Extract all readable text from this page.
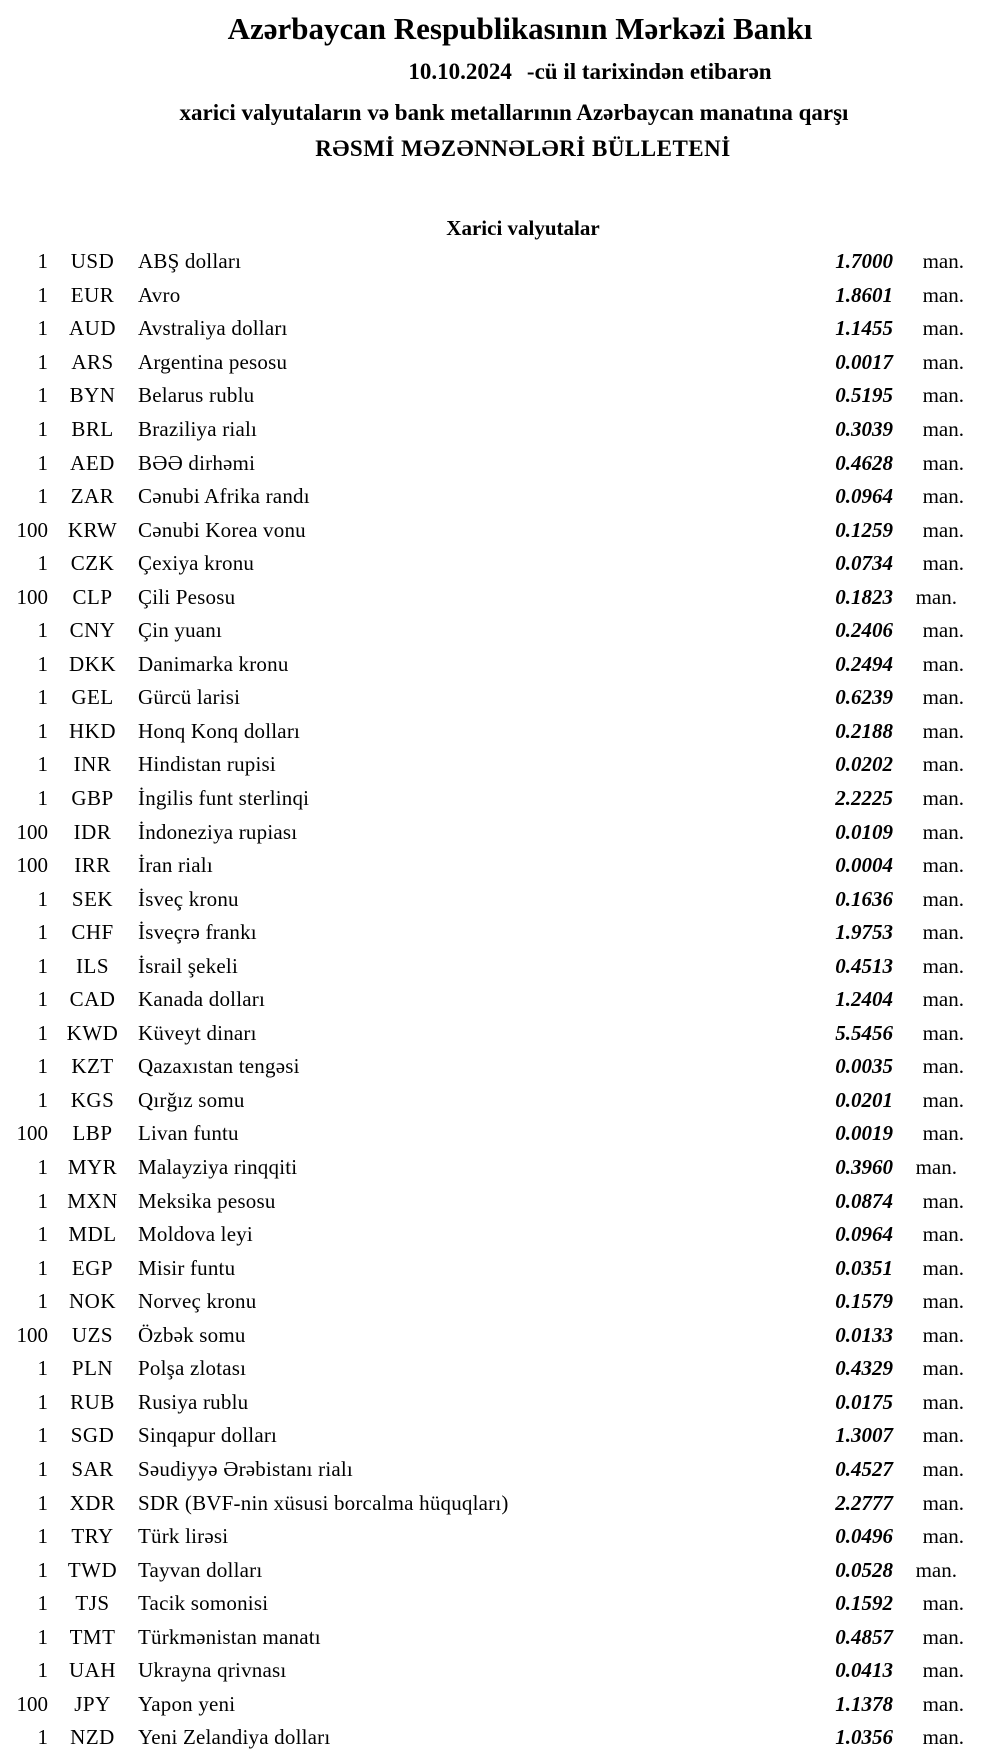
Azərbaycan Respublikasının Mərkəzi Bankı
10.10.2024 -cü il tarixindən etibarən
xarici valyutaların və bank metallarının Azərbaycan manatına qarşı
RƏSMİ MƏZƏNNƏLƏRİ BÜLLETENİ
Xarici valyutalar
1	USD	ABŞ dolları	1.7000	man.
1	EUR	Avro	1.8601	man.
1	AUD	Avstraliya dolları	1.1455	man.
1	ARS	Argentina pesosu	0.0017	man.
1	BYN	Belarus rublu	0.5195	man.
1	BRL	Braziliya rialı	0.3039	man.
1	AED	BƏƏ dirhəmi	0.4628	man.
1	ZAR	Cənubi Afrika randı	0.0964	man.
100 KRW Cənubi Korea vonu	0.1259	man.
1	CZK	Çexiya kronu	0.0734	man.
100	CLP	Çili Pesosu	0.1823	man.
1	CNY	Çin yuanı	0.2406	man.
1	DKK	Danimarka kronu	0.2494	man.
1	GEL	Gürcü larisi	0.6239	man.
1	HKD	Honq Konq dolları	0.2188	man.
1	INR	Hindistan rupisi	0.0202	man.
1	GBP	İngilis funt sterlinqi	2.2225	man.
100	IDR	İndoneziya rupiası	0.0109	man.
100	IRR	İran rialı	0.0004	man.
1	SEK	İsveç kronu	0.1636	man.
1	CHF	İsveçrə frankı	1.9753	man.
1	ILS	İsrail şekeli	0.4513	man.
1	CAD	Kanada dolları	1.2404	man.
1 KWD Küveyt dinarı	5.5456	man.
1	KZT	Qazaxıstan tengəsi	0.0035	man.
1	KGS	Qırğız somu	0.0201	man.
100	LBP	Livan funtu	0.0019	man.
1 MYR Malayziya rinqqiti	0.3960	man.
1 MXN Meksika pesosu	0.0874	man.
1 MDL	Moldova leyi	0.0964	man.
1	EGP	Misir funtu	0.0351	man.
1	NOK	Norveç kronu	0.1579	man.
100	UZS	Özbək somu	0.0133	man.
1	PLN	Polşa zlotası	0.4329	man.
1	RUB	Rusiya rublu	0.0175	man.
1	SGD	Sinqapur dolları	1.3007	man.
1	SAR	Səudiyyə Ərəbistanı rialı	0.4527	man.
1	XDR	SDR (BVF-nin xüsusi borcalma hüquqları)	2.2777	man.
1	TRY	Türk lirəsi	0.0496	man.
1 TWD Tayvan dolları	0.0528	man.
1	TJS	Tacik somonisi	0.1592	man.
1	TMT	Türkmənistan manatı	0.4857	man.
1	UAH	Ukrayna qrivnası	0.0413	man.
100	JPY	Yapon yeni	1.1378	man.
1	NZD	Yeni Zelandiya dolları	1.0356	man.
